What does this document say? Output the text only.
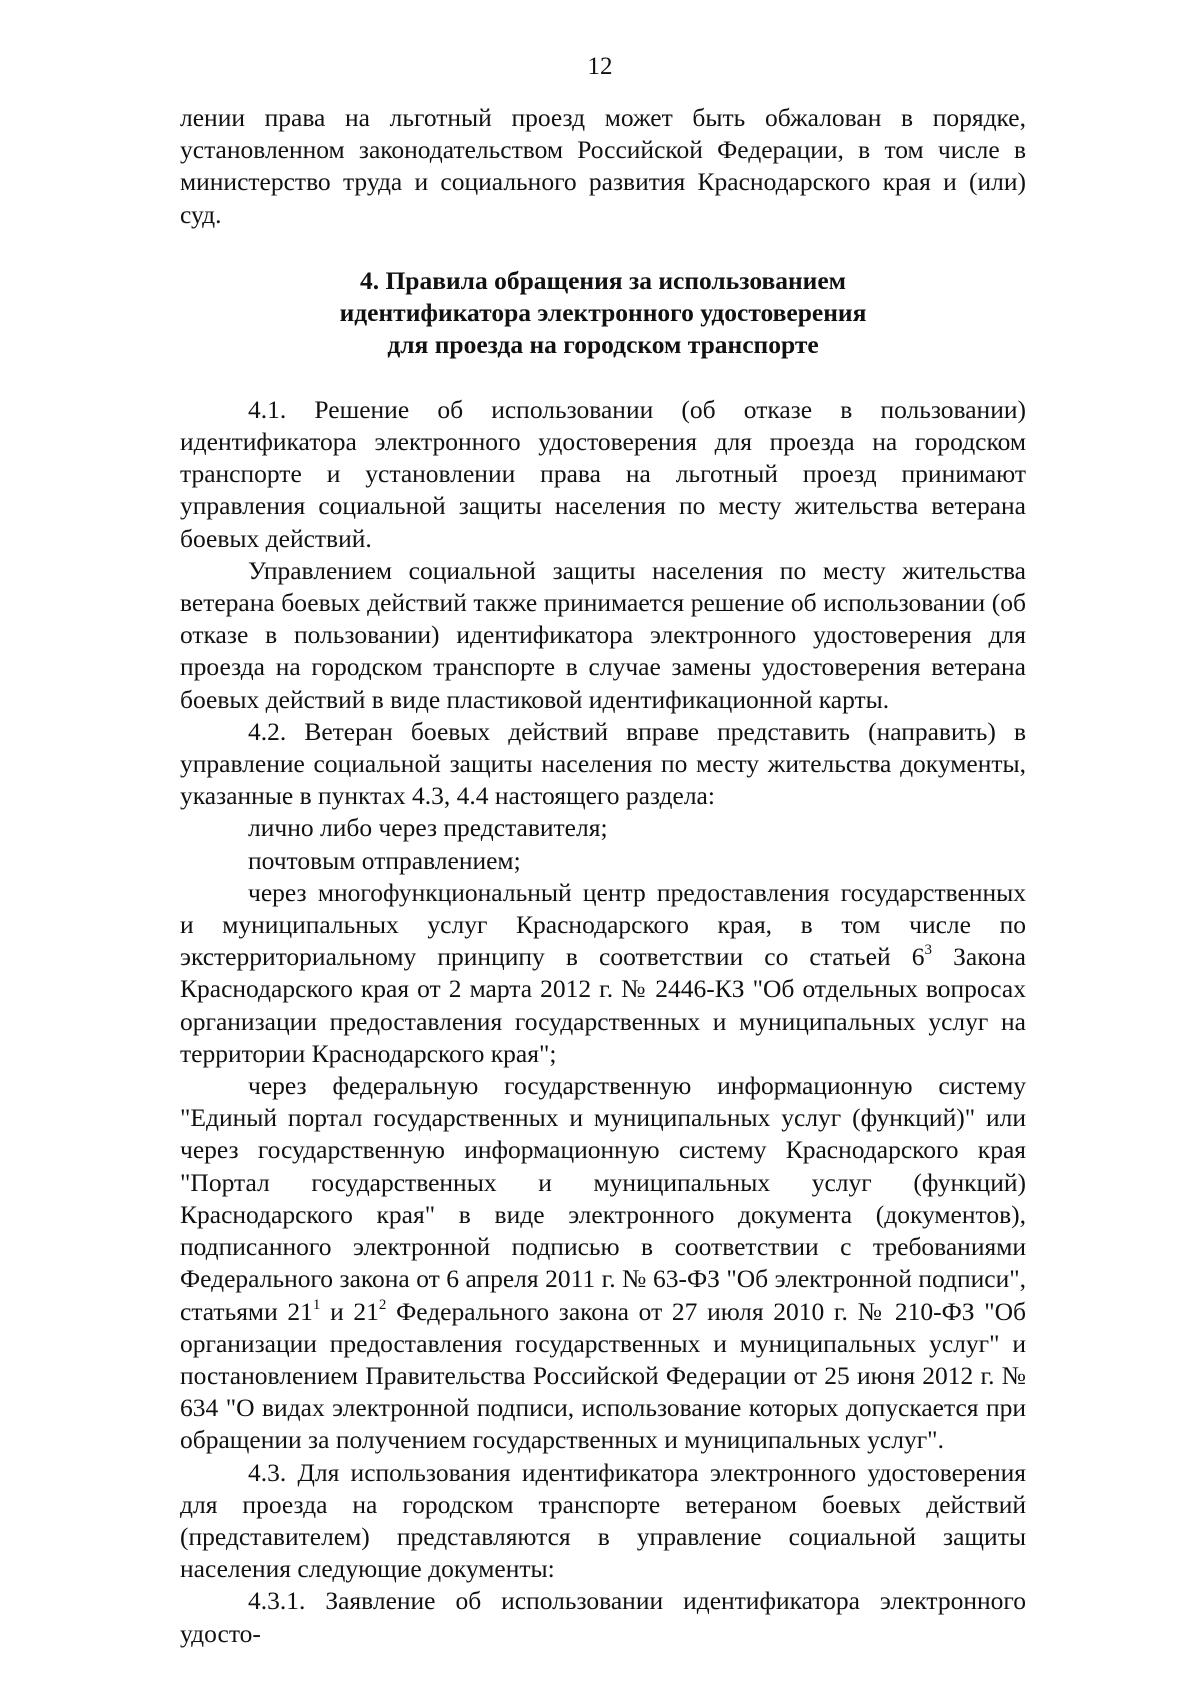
12

лении права на льготный проезд может быть обжалован в порядке, установленном законодательством Российской Федерации, в том числе в министерство труда и социального развития Краснодарского края и (или) суд.

4. Правила обращения за использованием
идентификатора электронного удостоверения
для проезда на городском транспорте

4.1. Решение об использовании (об отказе в пользовании) идентификатора электронного удостоверения для проезда на городском транспорте и установлении права на льготный проезд принимают управления социальной защиты населения по месту жительства ветерана боевых действий.

Управлением социальной защиты населения по месту жительства ветерана боевых действий также принимается решение об использовании (об отказе в пользовании) идентификатора электронного удостоверения для проезда на городском транспорте в случае замены удостоверения ветерана боевых действий в виде пластиковой идентификационной карты.

4.2. Ветеран боевых действий вправе представить (направить) в управление социальной защиты населения по месту жительства документы, указанные в пунктах 4.3, 4.4 настоящего раздела:

лично либо через представителя;

почтовым отправлением;

через многофункциональный центр предоставления государственных и муниципальных услуг Краснодарского края, в том числе по экстерриториальному принципу в соответствии со статьей $6^3$ Закона Краснодарского края от 2 марта 2012 г. № 2446-КЗ "Об отдельных вопросах организации предоставления государственных и муниципальных услуг на территории Краснодарского края";

через федеральную государственную информационную систему "Единый портал государственных и муниципальных услуг (функций)" или через государственную информационную систему Краснодарского края "Портал государственных и муниципальных услуг (функций) Краснодарского края" в виде электронного документа (документов), подписанного электронной подписью в соответствии с требованиями Федерального закона от 6 апреля 2011 г. № 63-ФЗ "Об электронной подписи", статьями $21^1$ и $21^2$ Федерального закона от 27 июля 2010 г. № 210-ФЗ "Об организации предоставления государственных и муниципальных услуг" и постановлением Правительства Российской Федерации от 25 июня 2012 г. № 634 "О видах электронной подписи, использование которых допускается при обращении за получением государственных и муниципальных услуг".

4.3. Для использования идентификатора электронного удостоверения для проезда на городском транспорте ветераном боевых действий (представителем) представляются в управление социальной защиты населения следующие документы:

4.3.1. Заявление об использовании идентификатора электронного удосто-
